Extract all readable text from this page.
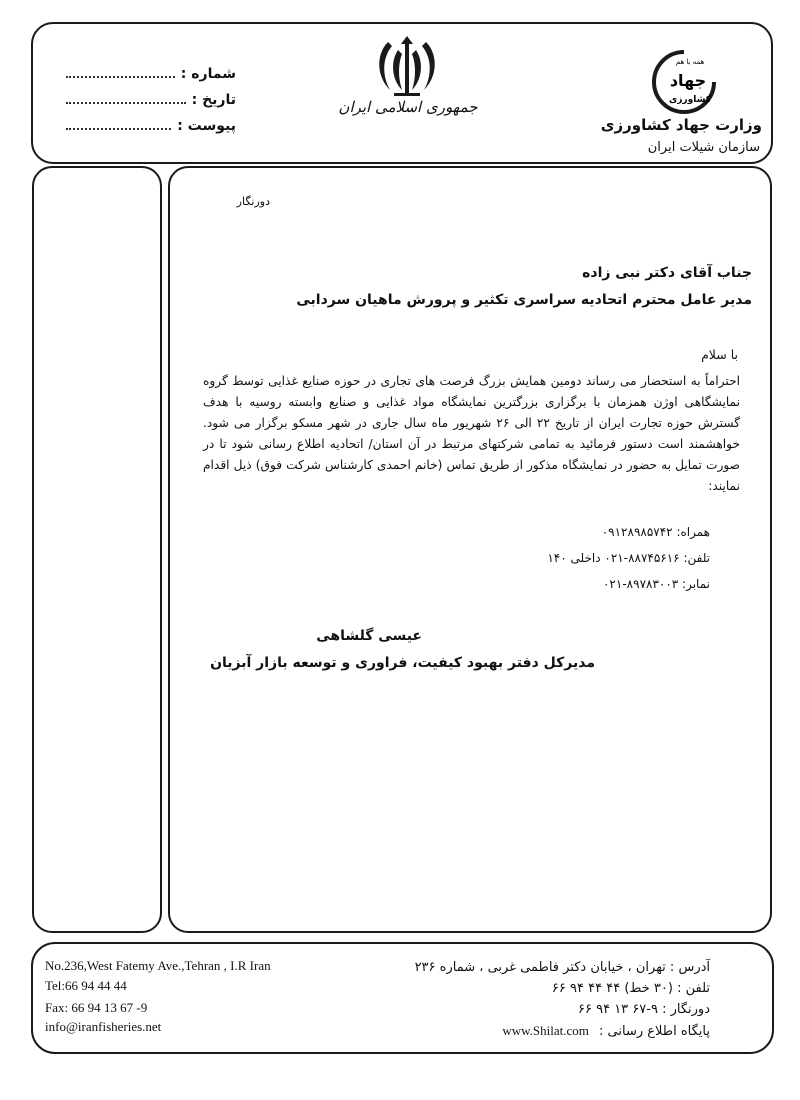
شماره :
تاریخ :
پیوست :
جمهوری اسلامی ایران
همه با هم
جهاد
کشاورزی
وزارت جهاد کشاورزی
سازمان شیلات ایران
دورنگار
جناب آقای دکتر نبی زاده
مدیر عامل محترم اتحادیه سراسری تکثیر و پرورش ماهیان سردابی
با سلام
احتراماً به استحضار می رساند دومین همایش بزرگ فرصت های تجاری در حوزه صنایع غذایی توسط گروه نمایشگاهی اوژن همزمان با برگزاری بزرگترین نمایشگاه مواد غذایی و صنایع وابسته روسیه با هدف گسترش حوزه تجارت ایران از تاریخ ۲۲ الی ۲۶ شهریور ماه سال جاری در شهر مسکو برگزار می شود. خواهشمند است دستور فرمائید به تمامی شرکتهای مرتبط در آن استان/ اتحادیه اطلاع رسانی شود تا در صورت تمایل به حضور در نمایشگاه مذکور از طریق تماس (خانم احمدی کارشناس شرکت فوق) ذیل اقدام نمایند:
همراه: ۰۹۱۲۸۹۸۵۷۴۲
تلفن: ۸۸۷۴۵۶۱۶-۰۲۱ داخلی ۱۴۰
نمابر: ۸۹۷۸۳۰۰۳-۰۲۱
عیسی گلشاهی
مدیرکل دفتر بهبود کیفیت، فراوری و توسعه بازار آبزیان
No.236,West Fatemy Ave.,Tehran , I.R Iran
Tel:66 94 44 44
Fax: 66 94 13 67 -9
info@iranfisheries.net
آدرس : تهران ، خیابان دکتر فاطمی غربی ، شماره ۲۳۶
تلفن : (۳۰ خط) ۴۴ ۴۴ ۹۴ ۶۶
دورنگار : ۹-۶۷ ۱۳ ۹۴ ۶۶
پایگاه اطلاع رسانی : www.Shilat.com
